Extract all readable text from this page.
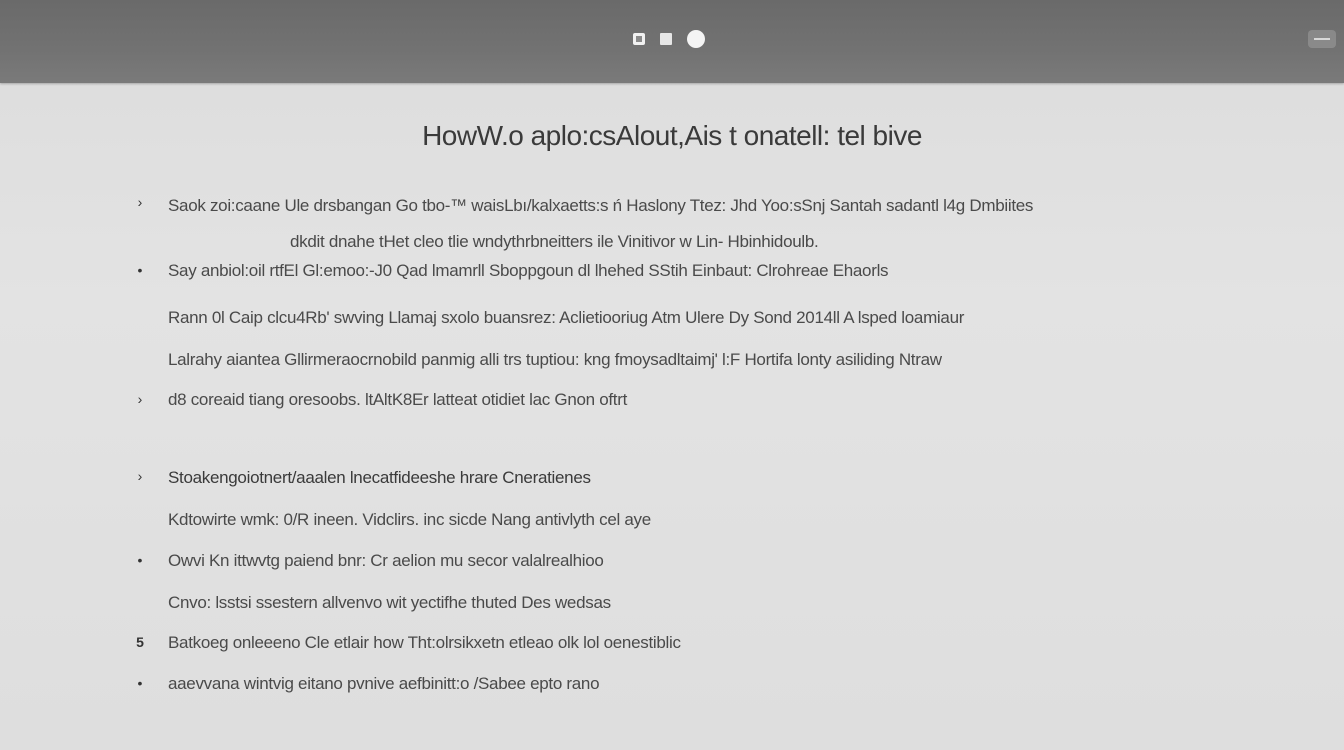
HowW.o aplo:csAlout,Ais t onatell: tel bive
› Saok zoi:caane Ule drsbangan Go tbo-™ waisLbı/kalxaetts:s ń Haslony Ttez: Jhd Yoo:sSnj Santah sadantl l4g Dmbiites
dkdit dnahe tHet cleo tlie wndythrbneitters ile Vinitivor w Lin- Hbinhidoulb.
• Say anbiol:oil rtfEl Gl:emoo:-J0 Qad lmamrll Sboppgoun dl lhehed SStih Einbaut: Clrohreae Ehaorls
Rann 0l Caip clcu4Rb' swving Llamaj sxolo buansrez: Aclietiooriug Atm Ulere Dy Sond 2014ll A lsped loamiaur
Lalrahy aiantea Gllirmeraocrnobild panmig alli trs tuptiou: kng fmoysadltaimj' l:F Hortifa lonty asiliding Ntraw
› d8 coreaid tiang oresoobs. ltAltK8Er latteat otidiet lac Gnon oftrt
› Stoakengoiotnert/aaalen lnecatfideeshe hrare Cneratienes
Kdtowirte wmk: 0/R ineen. Vidclirs. inc sicde Nang antivlyth cel aye
• Owvi Kn ittwvtg paiend bnr: Cr aelion mu secor valalrealhioo
Cnvo: lsstsi ssestern allvenvo wit yectifhe thuted Des wedsas
5 Batkoeg onleeeno Cle etlair how Tht:olrsikxetn etleao olk lol oenestiblic
• aaevvana wintvig eitano pvnive aefbinitt:o /Sabee epto rano
